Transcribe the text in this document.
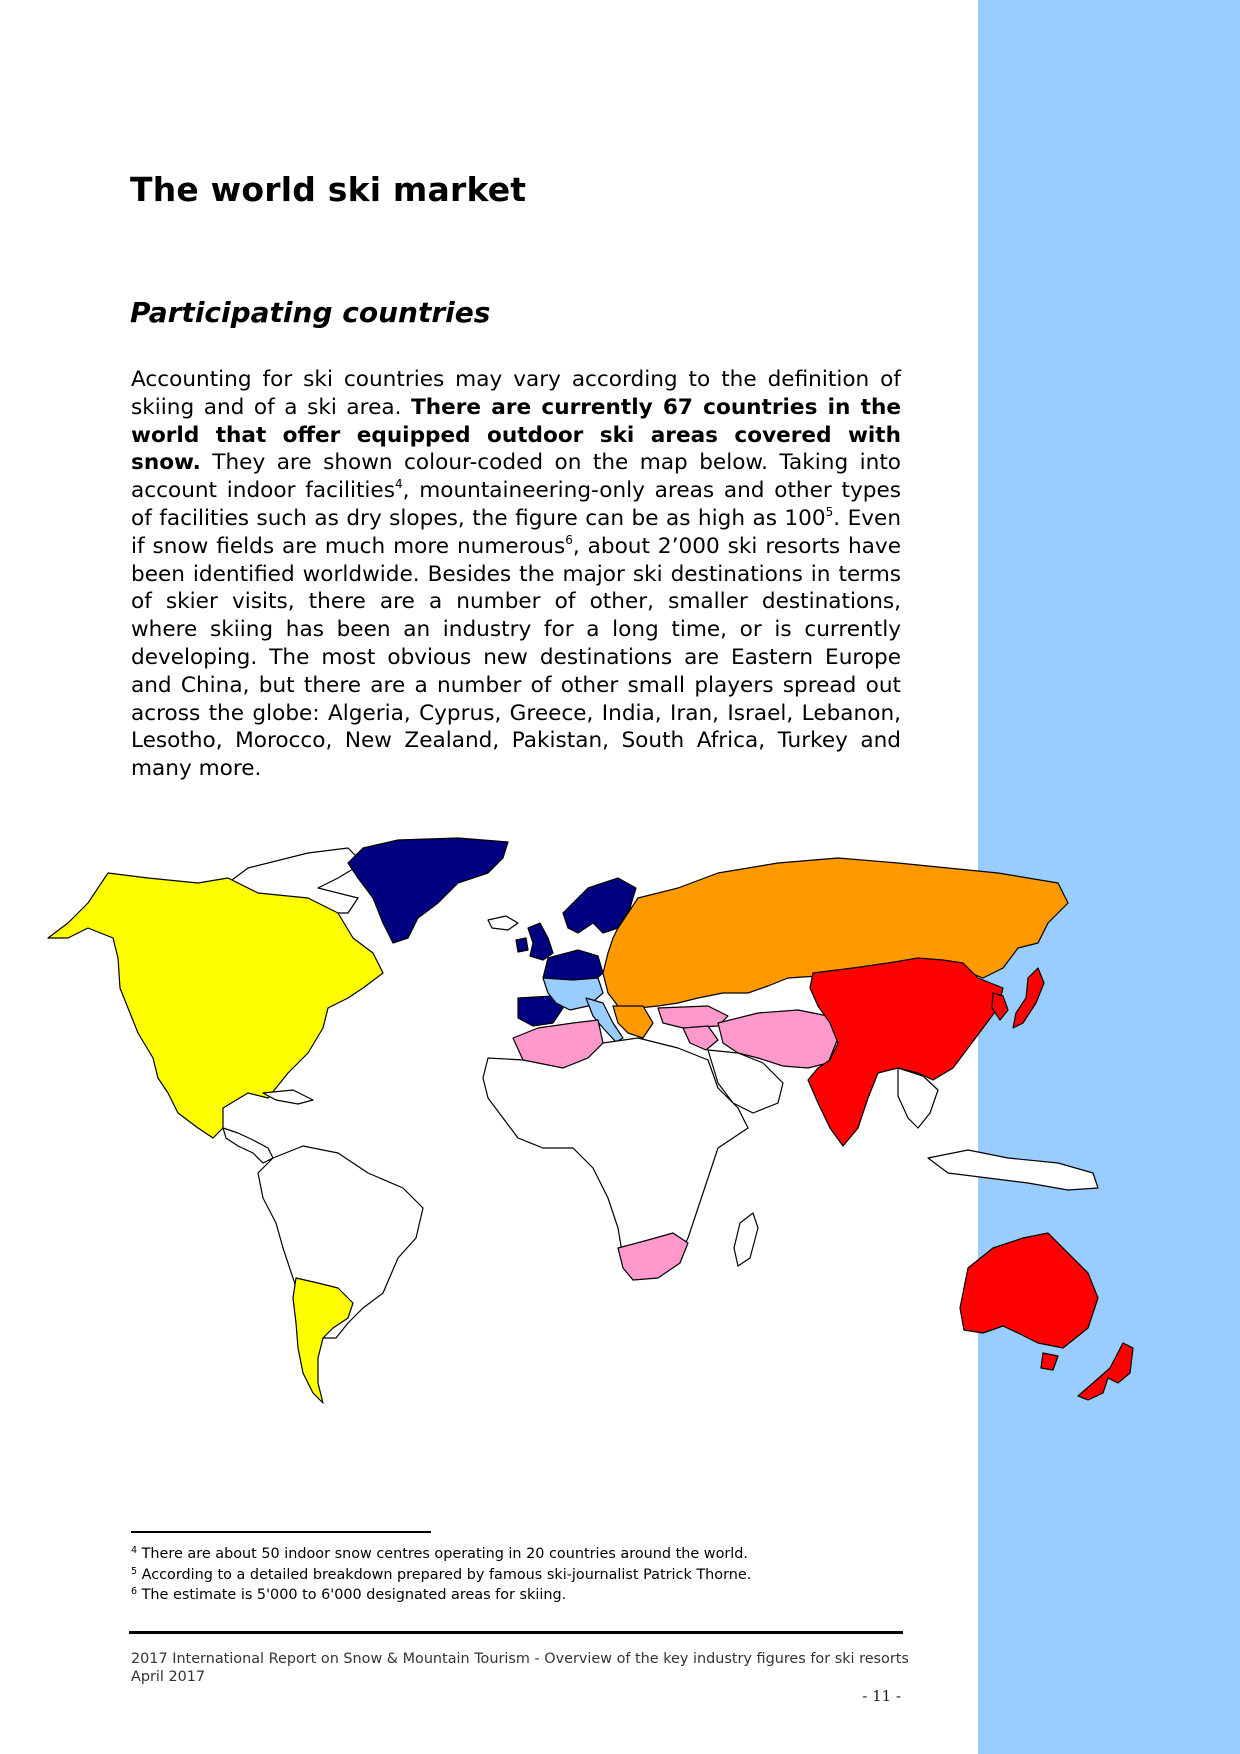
The world ski market
Participating countries

Accounting for ski countries may vary according to the definition of skiing and of a ski area. There are currently 67 countries in the world that offer equipped outdoor ski areas covered with snow. They are shown colour-coded on the map below. Taking into account indoor facilities$^4$, mountaineering-only areas and other types of facilities such as dry slopes, the figure can be as high as $100^5$. Even if snow fields are much more numerous$^6$, about 2’000 ski resorts have been identified worldwide. Besides the major ski destinations in terms of skier visits, there are a number of other, smaller destinations, where skiing has been an industry for a long time, or is currently developing. The most obvious new destinations are Eastern Europe and China, but there are a number of other small players spread out across the globe: Algeria, Cyprus, Greece, India, Iran, Israel, Lebanon, Lesotho, Morocco, New Zealand, Pakistan, South Africa, Turkey and many more.

$^4$ There are about 50 indoor snow centres operating in 20 countries around the world.
$^5$ According to a detailed breakdown prepared by famous ski-journalist Patrick Thorne.
$^6$ The estimate is 5'000 to 6'000 designated areas for skiing.
2017 International Report on Snow & Mountain Tourism - Overview of the key industry figures for ski resorts
April 2017
- 11 -
